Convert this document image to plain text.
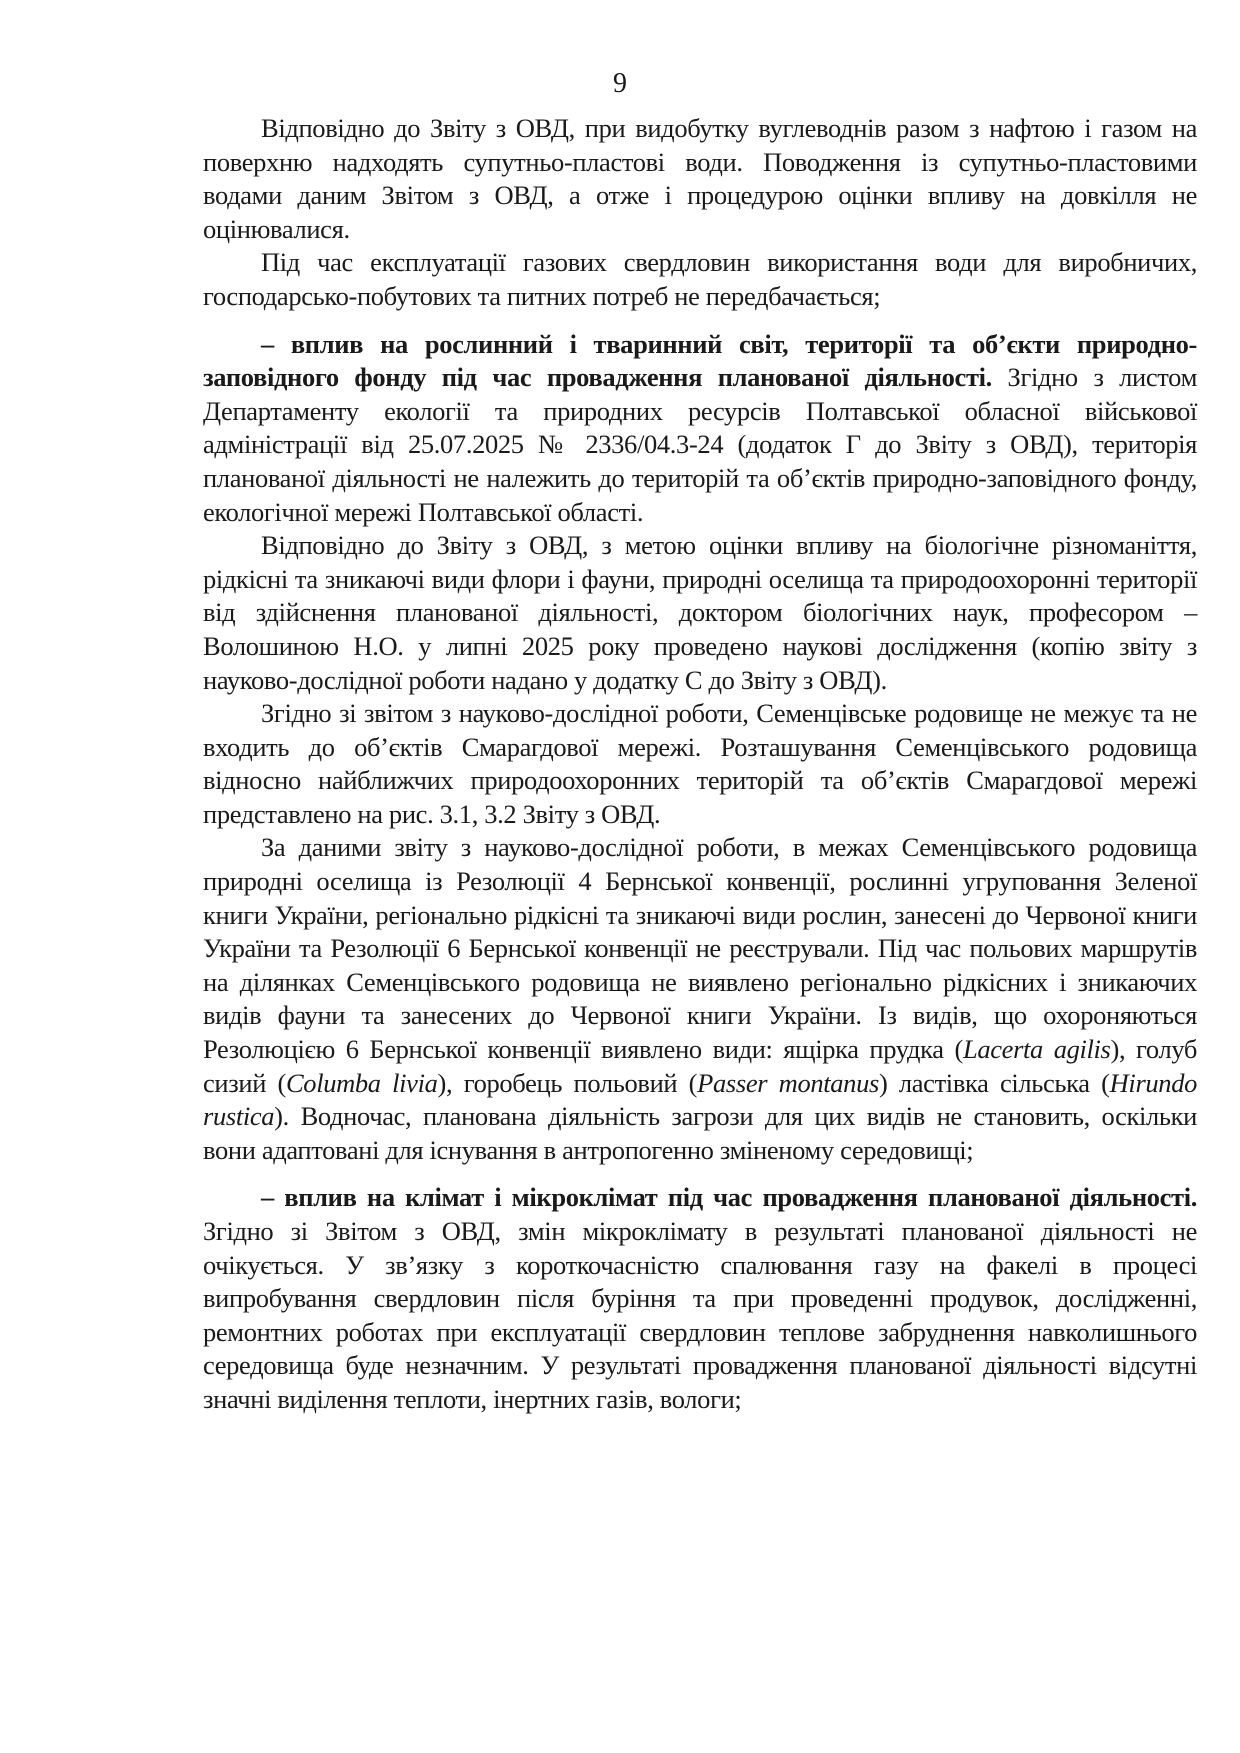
9

Відповідно до Звіту з ОВД, при видобутку вуглеводнів разом з нафтою і газом на поверхню надходять супутньо-пластові води. Поводження із супутньо-пластовими водами даним Звітом з ОВД, а отже і процедурою оцінки впливу на довкілля не оцінювалися.

Під час експлуатації газових свердловин використання води для виробничих, господарсько-побутових та питних потреб не передбачається;

– вплив на рослинний і тваринний світ, території та об’єкти природно-заповідного фонду під час провадження планованої діяльності. Згідно з листом Департаменту екології та природних ресурсів Полтавської обласної військової адміністрації від 25.07.2025 № 2336/04.3-24 (додаток Г до Звіту з ОВД), територія планованої діяльності не належить до територій та об’єктів природно-заповідного фонду, екологічної мережі Полтавської області.

Відповідно до Звіту з ОВД, з метою оцінки впливу на біологічне різноманіття, рідкісні та зникаючі види флори і фауни, природні оселища та природоохоронні території від здійснення планованої діяльності, доктором біологічних наук, професором – Волошиною Н.О. у липні 2025 року проведено наукові дослідження (копію звіту з науково-дослідної роботи надано у додатку С до Звіту з ОВД).

Згідно зі звітом з науково-дослідної роботи, Семенцівське родовище не межує та не входить до об’єктів Смарагдової мережі. Розташування Семенцівського родовища відносно найближчих природоохоронних територій та об’єктів Смарагдової мережі представлено на рис. 3.1, 3.2 Звіту з ОВД.

За даними звіту з науково-дослідної роботи, в межах Семенцівського родовища природні оселища із Резолюції 4 Бернської конвенції, рослинні угруповання Зеленої книги України, регіонально рідкісні та зникаючі види рослин, занесені до Червоної книги України та Резолюції 6 Бернської конвенції не реєстрували. Під час польових маршрутів на ділянках Семенцівського родовища не виявлено регіонально рідкісних і зникаючих видів фауни та занесених до Червоної книги України. Із видів, що охороняються Резолюцією 6 Бернської конвенції виявлено види: ящірка прудка (Lacerta agilis), голуб сизий (Columba livia), горобець польовий (Passer montanus) ластівка сільська (Hirundo rustica). Водночас, планована діяльність загрози для цих видів не становить, оскільки вони адаптовані для існування в антропогенно зміненому середовищі;

– вплив на клімат і мікроклімат під час провадження планованої діяльності. Згідно зі Звітом з ОВД, змін мікроклімату в результаті планованої діяльності не очікується. У зв’язку з короткочасністю спалювання газу на факелі в процесі випробування свердловин після буріння та при проведенні продувок, дослідженні, ремонтних роботах при експлуатації свердловин теплове забруднення навколишнього середовища буде незначним. У результаті провадження планованої діяльності відсутні значні виділення теплоти, інертних газів, вологи;
